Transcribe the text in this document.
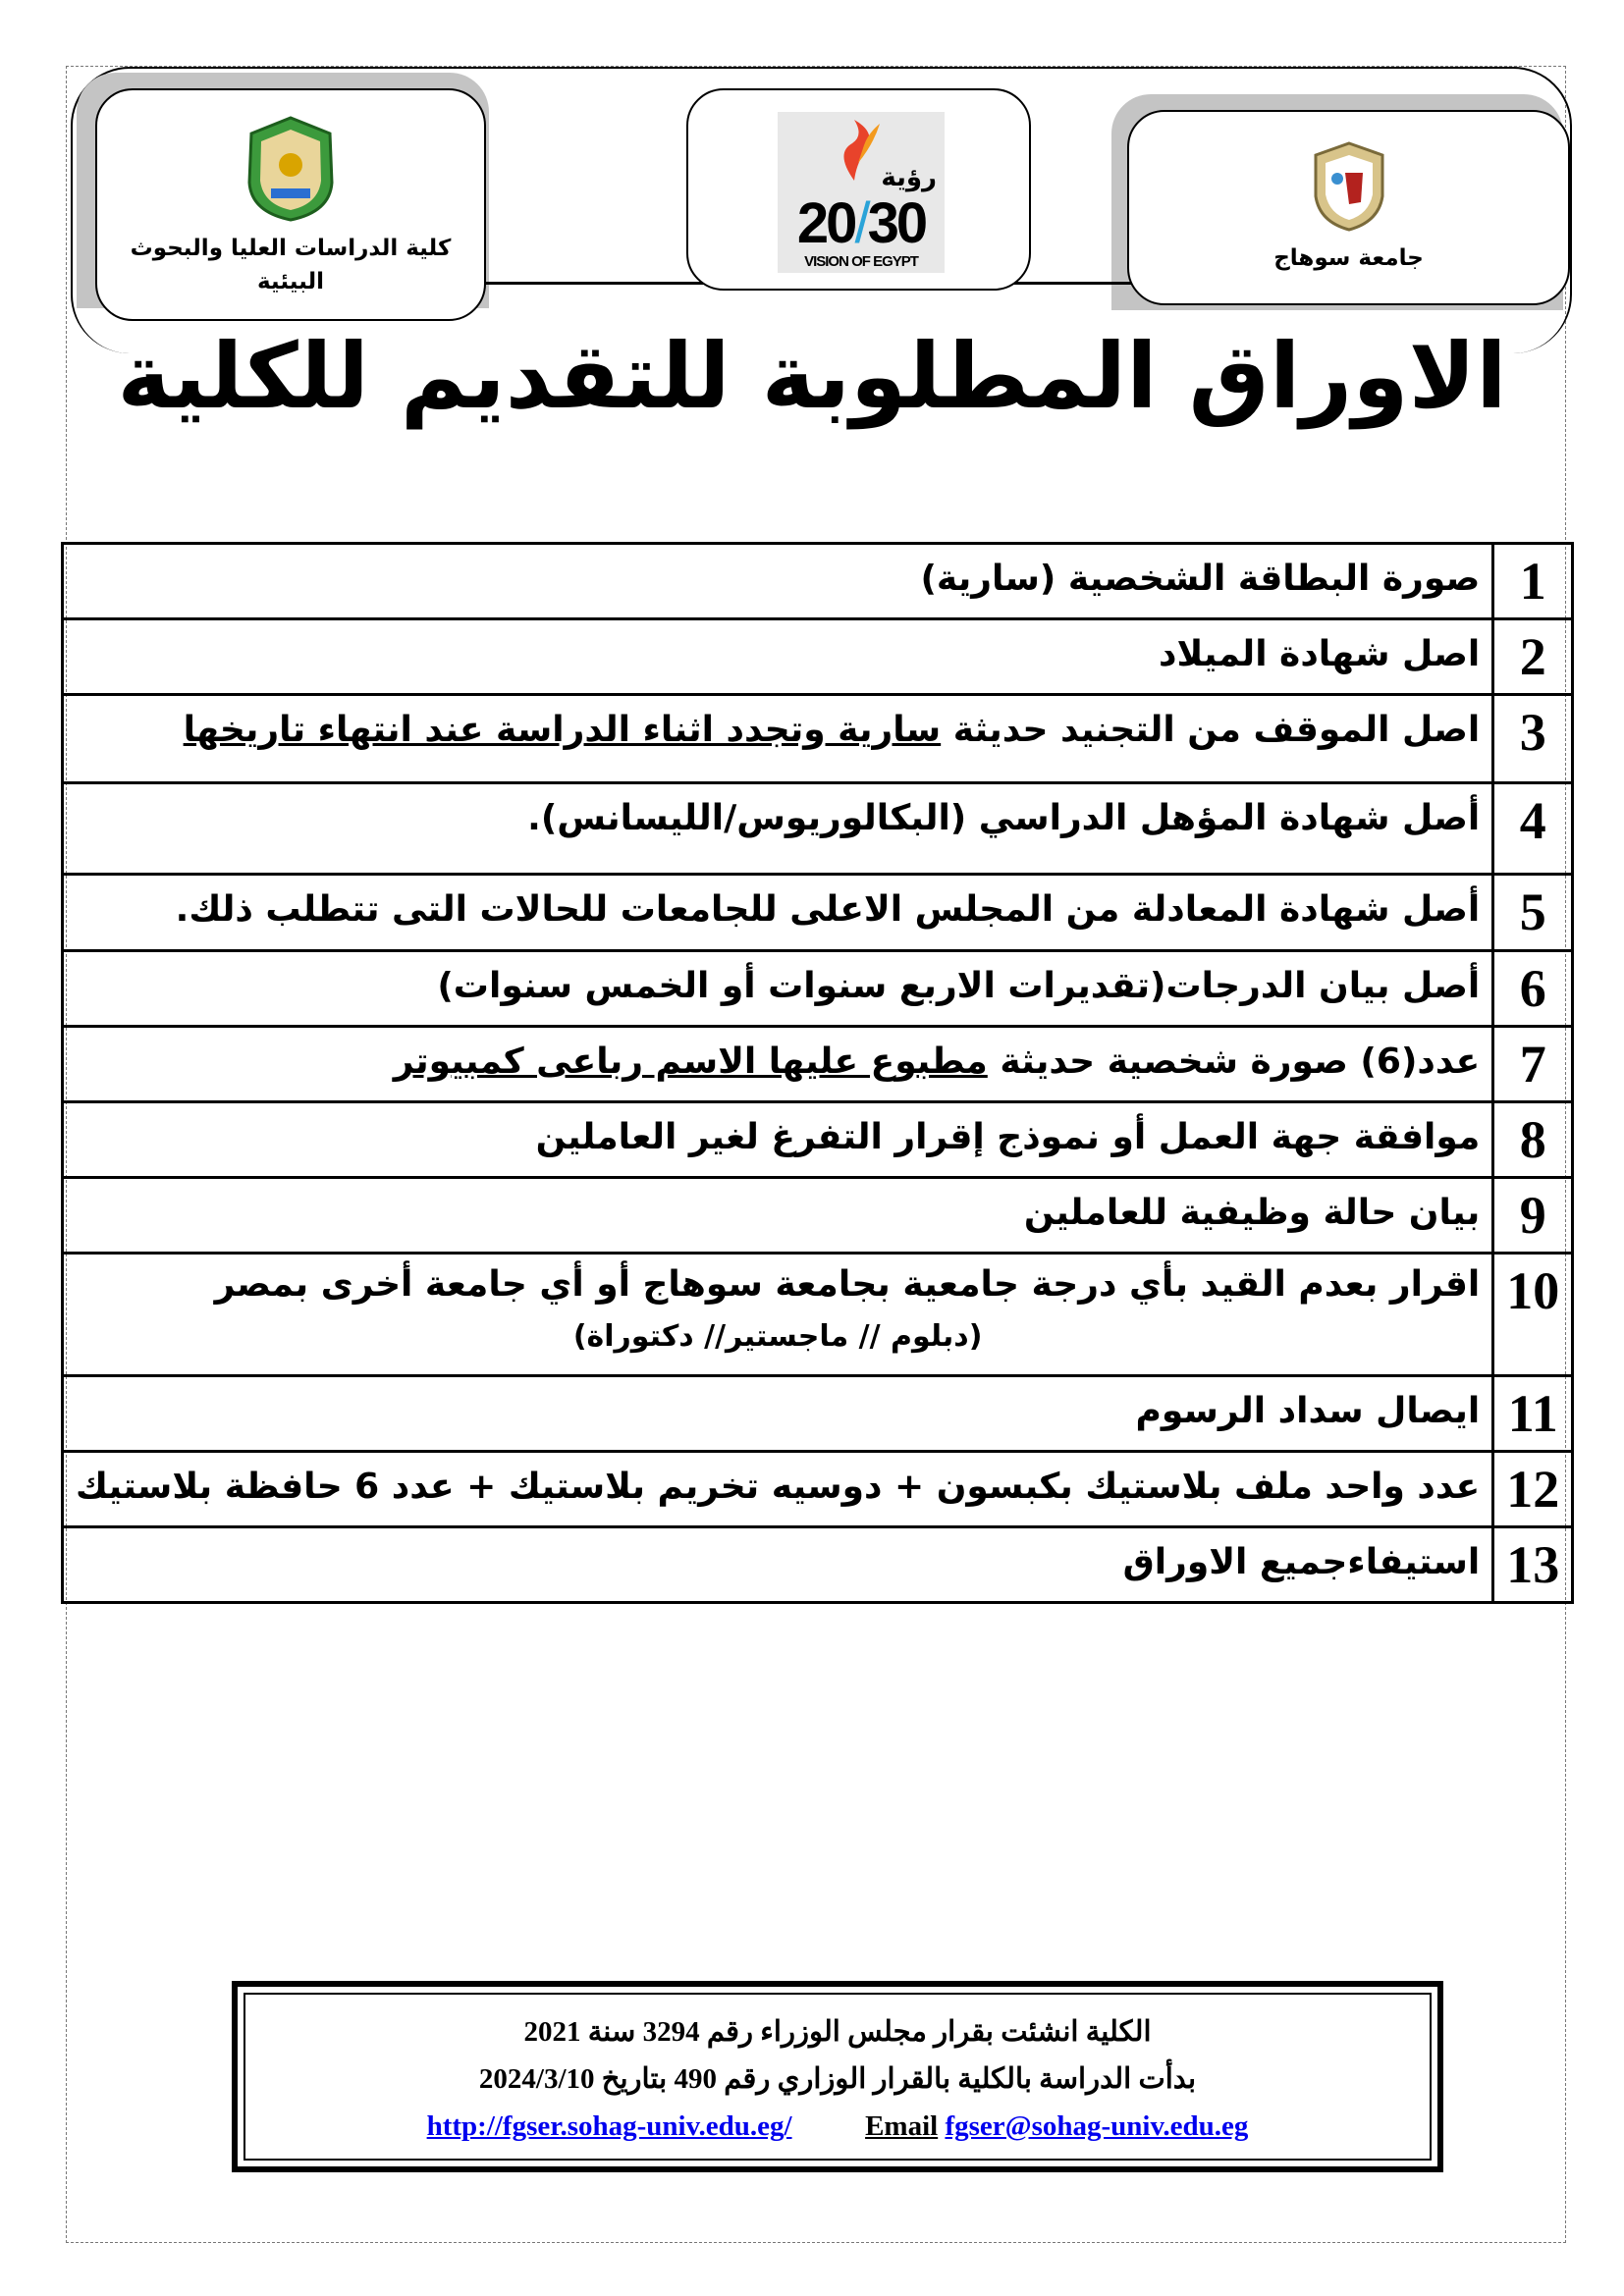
كلية الدراسات العليا والبحوث البيئية
رؤية
20/30
VISION OF EGYPT	جامعة سوهاج
الاوراق المطلوبة للتقديم للكلية
1	صورة البطاقة الشخصية (سارية)
2	اصل شهادة الميلاد
3	اصل الموقف من التجنيد حديثة سارية وتجدد اثناء الدراسة عند انتهاء تاريخها
4	أصل شهادة المؤهل الدراسي (البكالوريوس/الليسانس).
5	أصل شهادة المعادلة من المجلس الاعلى للجامعات للحالات التى تتطلب ذلك.
6	أصل بيان الدرجات(تقديرات الاربع سنوات أو الخمس سنوات)
7	عدد(6) صورة شخصية حديثة مطبوع عليها الاسم رباعى كمبيوتر
8	موافقة جهة العمل أو نموذج إقرار التفرغ لغير العاملين
9	بيان حالة وظيفية للعاملين
10	اقرار بعدم القيد بأي درجة جامعية بجامعة سوهاج أو أي جامعة أخرى بمصر
(دبلوم // ماجستير// دكتوراة)

11	ايصال سداد الرسوم
12	عدد واحد ملف بلاستيك بكبسون + دوسيه تخريم بلاستيك + عدد 6 حافظة بلاستيك
13	استيفاءجميع الاوراق
الكلية انشئت بقرار مجلس الوزراء رقم 3294 سنة 2021
بدأت الدراسة بالكلية بالقرار الوزاري رقم 490 بتاريخ 2024/3/10
http://fgser.sohag-univ.edu.eg/	Email fgser@sohag-univ.edu.eg
